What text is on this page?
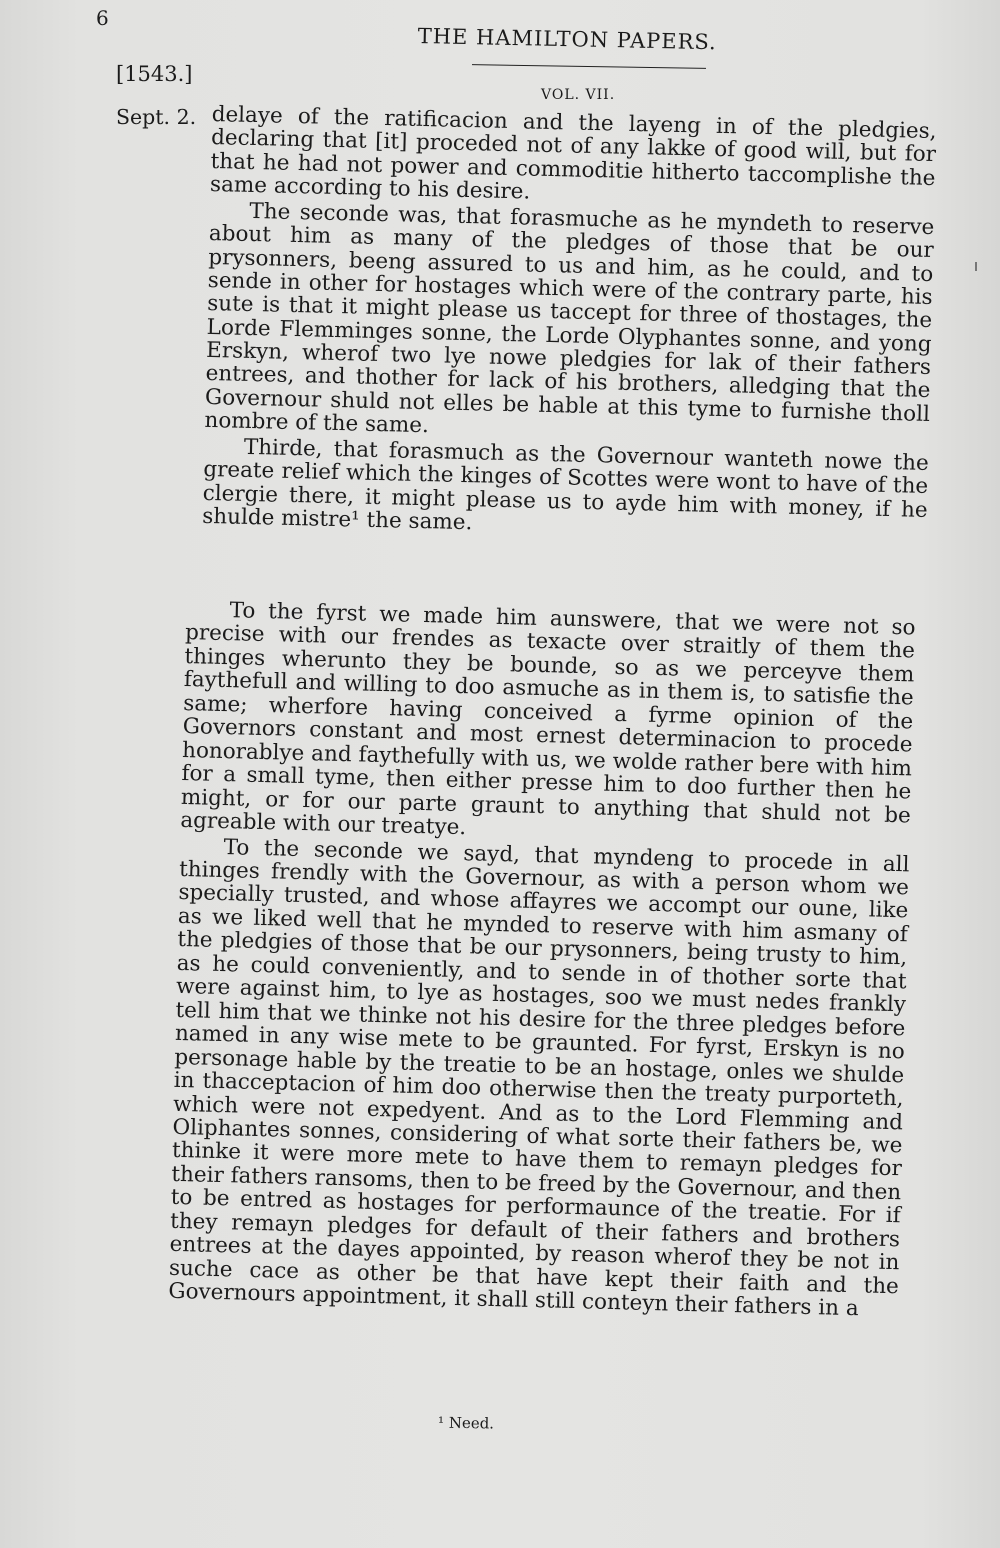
6
THE HAMILTON PAPERS.
[1543.]
VOL. VII.
Sept. 2. delaye of the ratificacion and the layeng in of the pledgies, declaring that [it] proceded not of any lakke of good will, but for that he had not power and commoditie hitherto taccomplishe the same according to his desire.

The seconde was, that forasmuche as he myndeth to reserve about him as many of the pledges of those that be our prysonners, beeng assured to us and him, as he could, and to sende in other for hostages which were of the contrary parte, his sute is that it might please us taccept for three of thostages, the Lorde Flemminges sonne, the Lorde Olyphantes sonne, and yong Erskyn, wherof two lye nowe pledgies for lak of their fathers entrees, and thother for lack of his brothers, alledging that the Governour shuld not elles be hable at this tyme to furnishe tholl nombre of the same.

Thirde, that forasmuch as the Governour wanteth nowe the greate relief which the kinges of Scottes were wont to have of the clergie there, it might please us to ayde him with money, if he shulde mistre¹ the same.

To the fyrst we made him aunswere, that we were not so precise with our frendes as texacte over straitly of them the thinges wherunto they be bounde, so as we perceyve them faythefull and willing to doo asmuche as in them is, to satisfie the same; wherfore having conceived a fyrme opinion of the Governors constant and most ernest determinacion to procede honorablye and faythefully with us, we wolde rather bere with him for a small tyme, then either presse him to doo further then he might, or for our parte graunt to anything that shuld not be agreable with our treatye.

To the seconde we sayd, that myndeng to procede in all thinges frendly with the Governour, as with a person whom we specially trusted, and whose affayres we accompt our oune, like as we liked well that he mynded to reserve with him asmany of the pledgies of those that be our prysonners, being trusty to him, as he could conveniently, and to sende in of thother sorte that were against him, to lye as hostages, soo we must nedes frankly tell him that we thinke not his desire for the three pledges before named in any wise mete to be graunted. For fyrst, Erskyn is no personage hable by the treatie to be an hostage, onles we shulde in thacceptacion of him doo otherwise then the treaty purporteth, which were not expedyent. And as to the Lord Flemming and Oliphantes sonnes, considering of what sorte their fathers be, we thinke it were more mete to have them to remayn pledges for their fathers ransoms, then to be freed by the Governour, and then to be entred as hostages for performaunce of the treatie. For if they remayn pledges for default of their fathers and brothers entrees at the dayes appointed, by reason wherof they be not in suche cace as other be that have kept their faith and the Governours appointment, it shall still conteyn their fathers in a

¹ Need.
